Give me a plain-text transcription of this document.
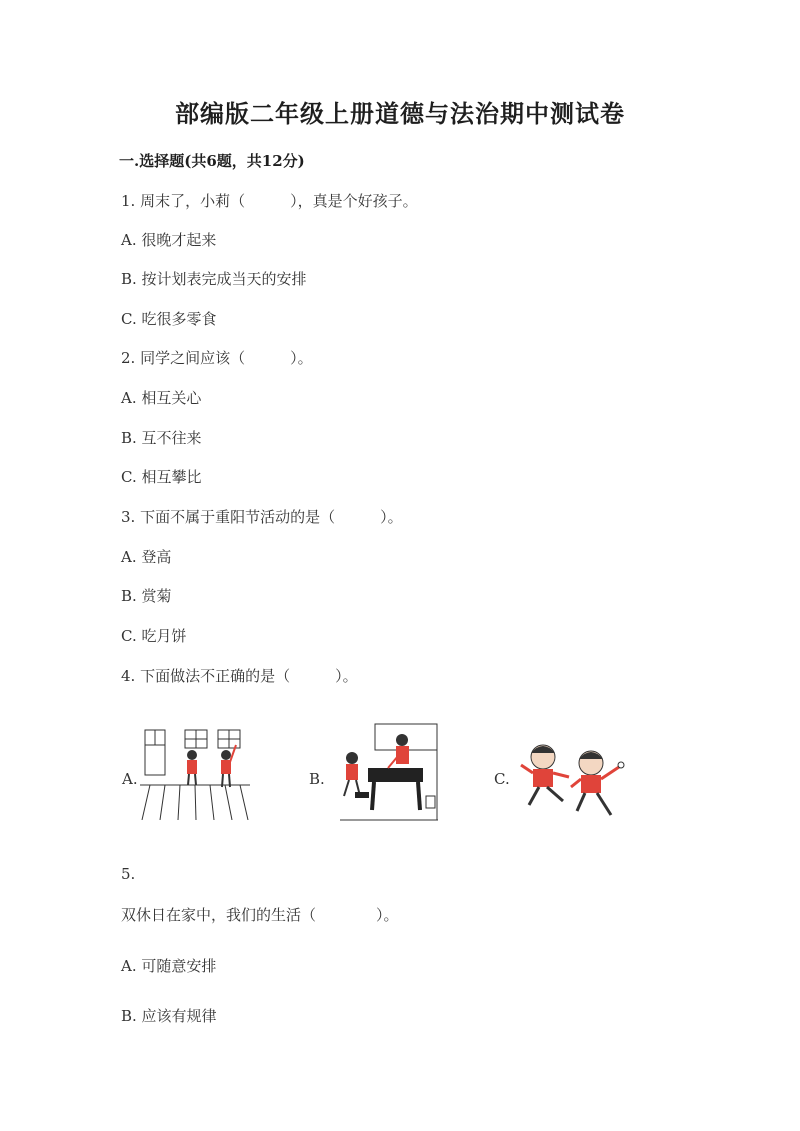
部编版二年级上册道德与法治期中测试卷
一.选择题(共6题，共12分)
1. 周末了，小莉（　　　），真是个好孩子。
A. 很晚才起来
B. 按计划表完成当天的安排
C. 吃很多零食
2. 同学之间应该（　　　）。
A. 相互关心
B. 互不往来
C. 相互攀比
3. 下面不属于重阳节活动的是（　　　）。
A. 登高
B. 赏菊
C. 吃月饼
4. 下面做法不正确的是（　　　）。
A.	B.	C.
5.
双休日在家中，我们的生活（　　　　）。
A. 可随意安排
B. 应该有规律
